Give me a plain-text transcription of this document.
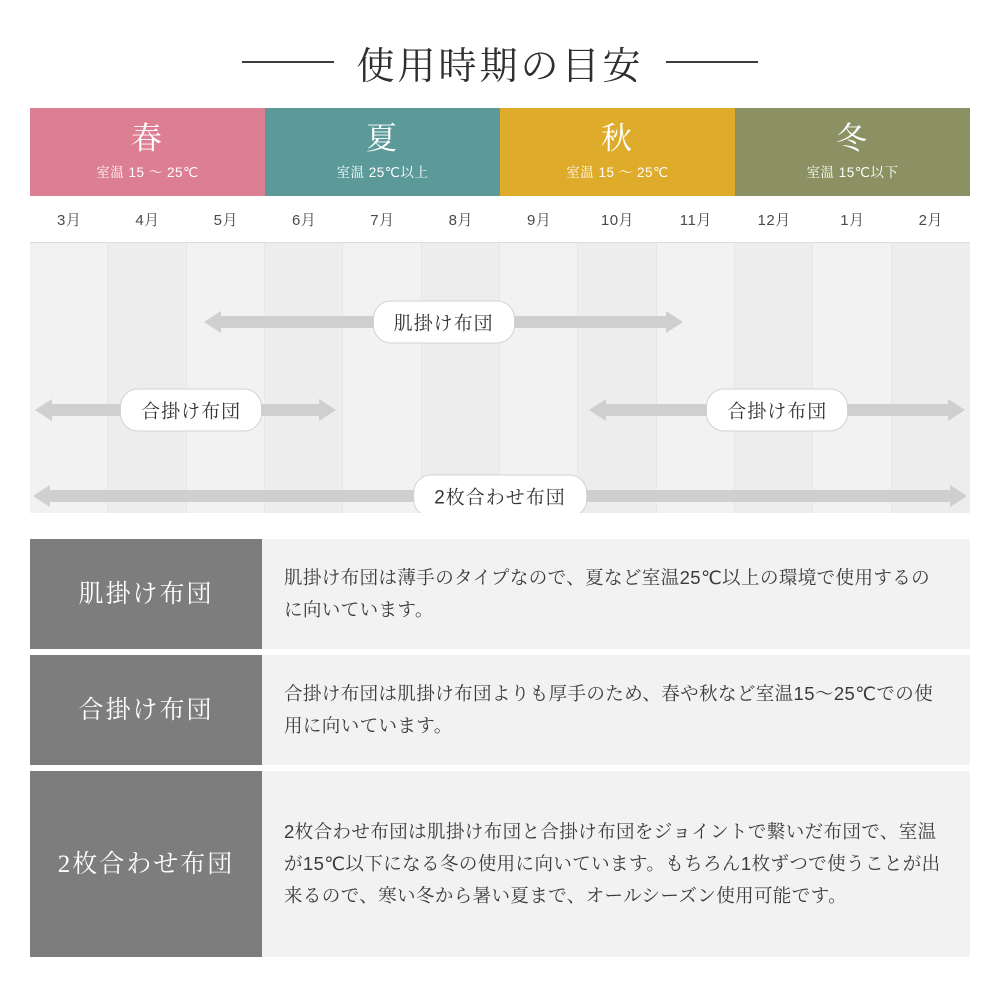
使用時期の目安
春
室温 15 〜 25℃
夏
室温 25℃以上
秋
室温 15 〜 25℃
冬
室温 15℃以下
3月	4月	5月	6月	7月	8月	9月	10月	11月	12月	1月	2月
肌掛け布団
合掛け布団	合掛け布団
2枚合わせ布団
肌掛け布団
肌掛け布団は薄手のタイプなので、夏など室温25℃以上の環境で使用するのに向いています。
合掛け布団
合掛け布団は肌掛け布団よりも厚手のため、春や秋など室温15〜25℃での使用に向いています。
2枚合わせ布団
2枚合わせ布団は肌掛け布団と合掛け布団をジョイントで繋いだ布団で、室温が15℃以下になる冬の使用に向いています。もちろん1枚ずつで使うことが出来るので、寒い冬から暑い夏まで、オールシーズン使用可能です。
